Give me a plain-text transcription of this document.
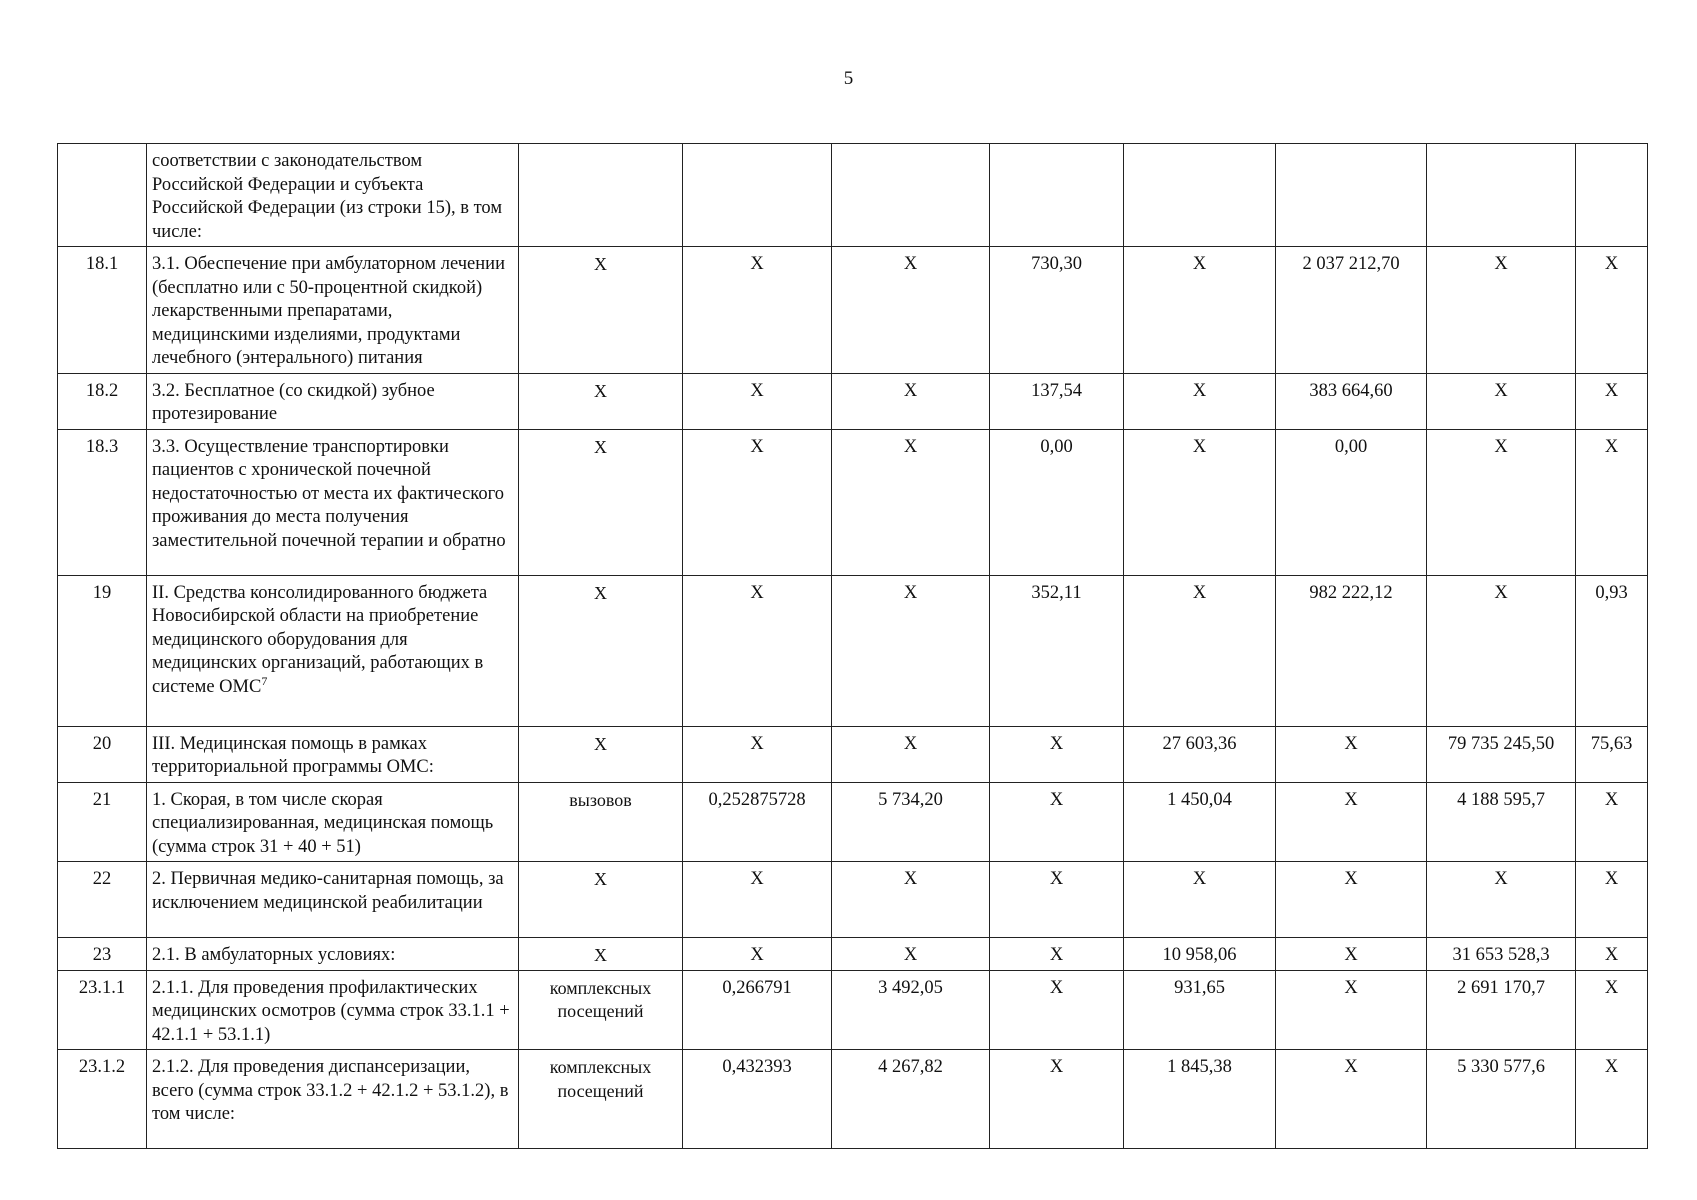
5
	соответствии с законодательством Российской Федерации и субъекта Российской Федерации (из строки 15), в том числе:								
18.1	3.1. Обеспечение при амбулаторном лечении (бесплатно или с 50-процентной скидкой) лекарственными препаратами, медицинскими изделиями, продуктами лечебного (энтерального) питания	X	X	X	730,30	X	2 037 212,70	X	X
18.2	3.2. Бесплатное (со скидкой) зубное протезирование	X	X	X	137,54	X	383 664,60	X	X
18.3	3.3. Осуществление транспортировки пациентов с хронической почечной недостаточностью от места их фактического проживания до места получения заместительной почечной терапии и обратно	X	X	X	0,00	X	0,00	X	X
19	II. Средства консолидированного бюджета Новосибирской области на приобретение медицинского оборудования для медицинских организаций, работающих в системе ОМС$^7$	X	X	X	352,11	X	982 222,12	X	0,93
20	III. Медицинская помощь в рамках территориальной программы ОМС:	X	X	X	X	27 603,36	X	79 735 245,50	75,63
21	1. Скорая, в том числе скорая специализированная, медицинская помощь (сумма строк 31 + 40 + 51)	вызовов	0,252875728	5 734,20	X	1 450,04	X	4 188 595,7	X
22	2. Первичная медико-санитарная помощь, за исключением медицинской реабилитации	X	X	X	X	X	X	X	X
23	2.1. В амбулаторных условиях:	X	X	X	X	10 958,06	X	31 653 528,3	X
23.1.1	2.1.1. Для проведения профилактических медицинских осмотров (сумма строк 33.1.1 + 42.1.1 + 53.1.1)	комплексных посещений	0,266791	3 492,05	X	931,65	X	2 691 170,7	X
23.1.2	2.1.2. Для проведения диспансеризации, всего (сумма строк 33.1.2 + 42.1.2 + 53.1.2), в том числе:	комплексных посещений	0,432393	4 267,82	X	1 845,38	X	5 330 577,6	X
